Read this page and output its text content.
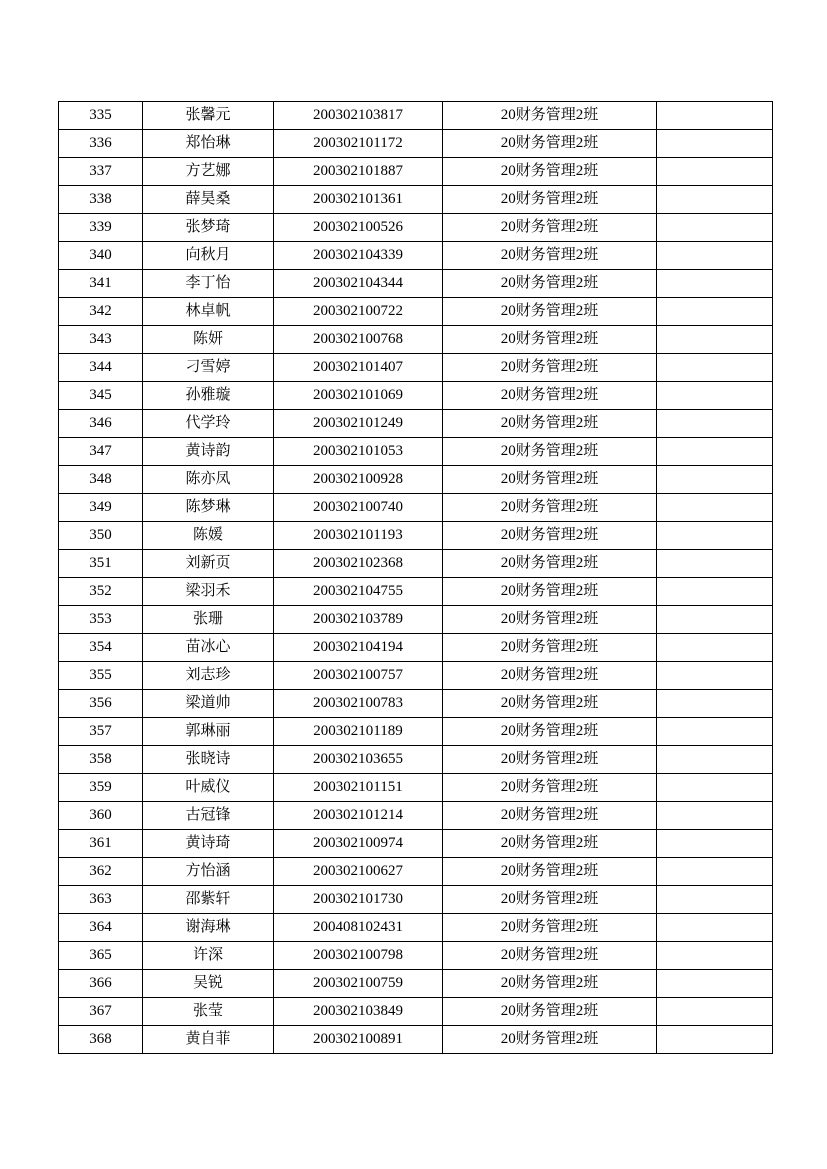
335	张馨元	200302103817	20财务管理2班	
336	郑怡琳	200302101172	20财务管理2班	
337	方艺娜	200302101887	20财务管理2班	
338	薛昊桑	200302101361	20财务管理2班	
339	张梦琦	200302100526	20财务管理2班	
340	向秋月	200302104339	20财务管理2班	
341	李丁怡	200302104344	20财务管理2班	
342	林卓帆	200302100722	20财务管理2班	
343	陈妍	200302100768	20财务管理2班	
344	刁雪婷	200302101407	20财务管理2班	
345	孙雅璇	200302101069	20财务管理2班	
346	代学玲	200302101249	20财务管理2班	
347	黄诗韵	200302101053	20财务管理2班	
348	陈亦凤	200302100928	20财务管理2班	
349	陈梦琳	200302100740	20财务管理2班	
350	陈媛	200302101193	20财务管理2班	
351	刘新页	200302102368	20财务管理2班	
352	梁羽禾	200302104755	20财务管理2班	
353	张珊	200302103789	20财务管理2班	
354	苗冰心	200302104194	20财务管理2班	
355	刘志珍	200302100757	20财务管理2班	
356	梁道帅	200302100783	20财务管理2班	
357	郭琳丽	200302101189	20财务管理2班	
358	张晓诗	200302103655	20财务管理2班	
359	叶威仪	200302101151	20财务管理2班	
360	古冠锋	200302101214	20财务管理2班	
361	黄诗琦	200302100974	20财务管理2班	
362	方怡涵	200302100627	20财务管理2班	
363	邵紫轩	200302101730	20财务管理2班	
364	谢海琳	200408102431	20财务管理2班	
365	许深	200302100798	20财务管理2班	
366	吴锐	200302100759	20财务管理2班	
367	张莹	200302103849	20财务管理2班	
368	黄自菲	200302100891	20财务管理2班	
